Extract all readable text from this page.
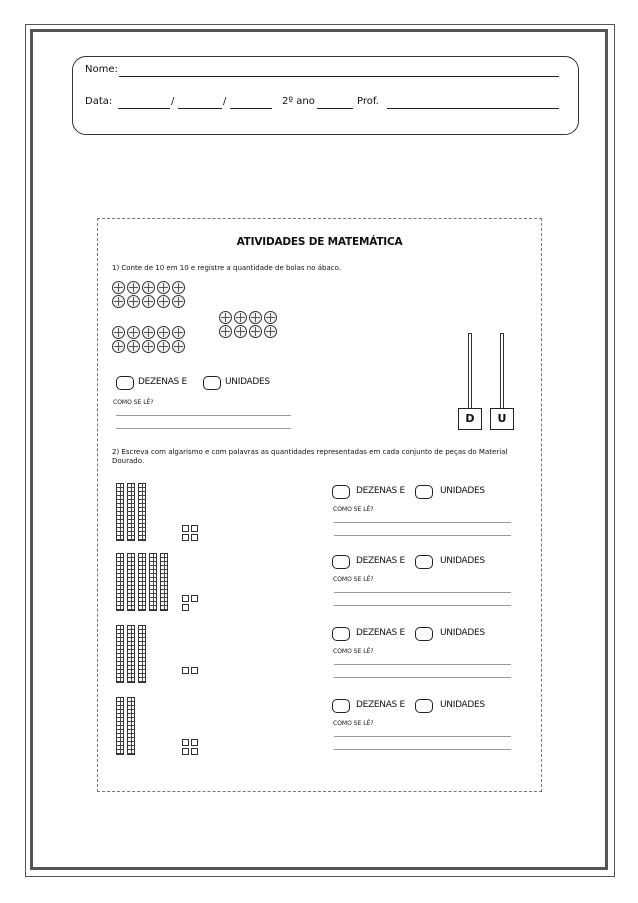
Nome:
Data:	/	/	2º ano	Prof.
ATIVIDADES DE MATEMÁTICA
1) Conte de 10 em 10 e registre a quantidade de bolas no ábaco.
DEZENAS E	UNIDADES
COMO SE LÊ?
D	U
2) Escreva com algarismo e com palavras as quantidades representadas em cada conjunto de peças do Material
Dourado.
DEZENAS E	UNIDADES
COMO SE LÊ?
DEZENAS E	UNIDADES
COMO SE LÊ?
DEZENAS E	UNIDADES
COMO SE LÊ?
DEZENAS E	UNIDADES
COMO SE LÊ?
